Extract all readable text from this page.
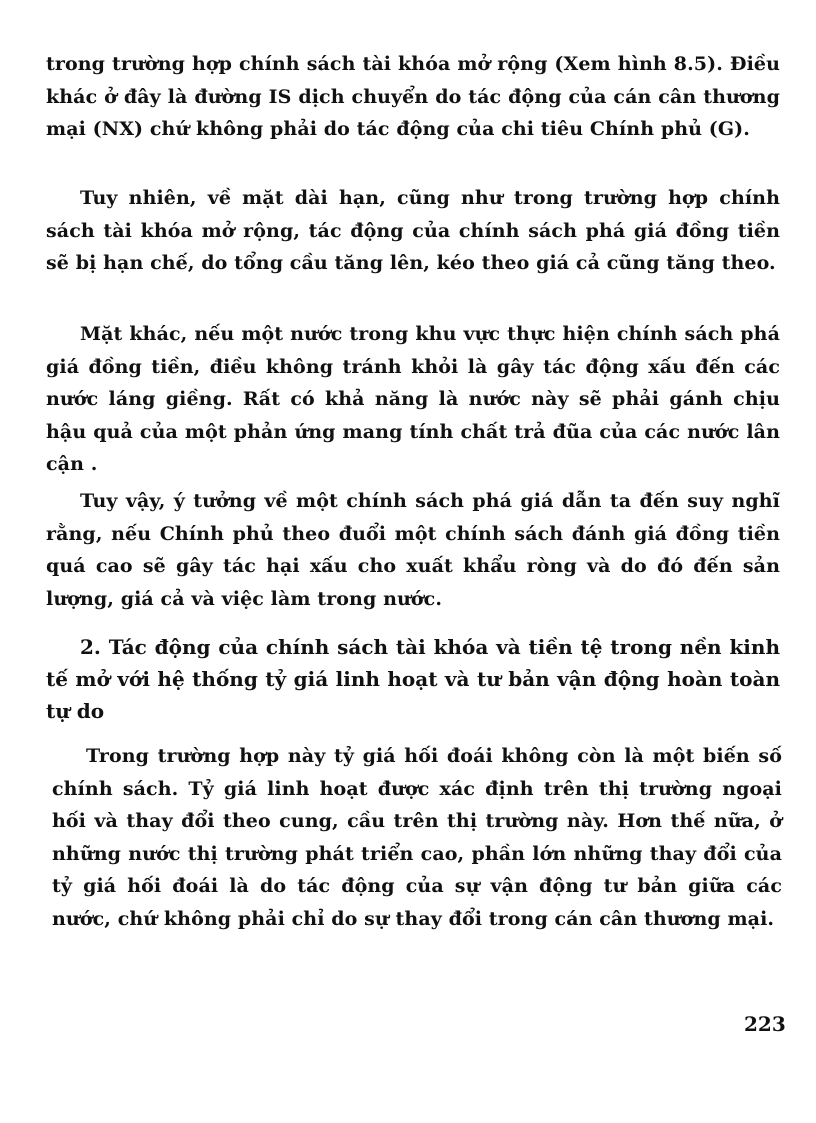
trong trường hợp chính sách tài khóa mở rộng (Xem hình 8.5). Điều khác ở đây là đường IS dịch chuyển do tác động của cán cân thương mại (NX) chứ không phải do tác động của chi tiêu Chính phủ (G).

Tuy nhiên, về mặt dài hạn, cũng như trong trường hợp chính sách tài khóa mở rộng, tác động của chính sách phá giá đồng tiền sẽ bị hạn chế, do tổng cầu tăng lên, kéo theo giá cả cũng tăng theo.

Mặt khác, nếu một nước trong khu vực thực hiện chính sách phá giá đồng tiền, điều không tránh khỏi là gây tác động xấu đến các nước láng giềng. Rất có khả năng là nước này sẽ phải gánh chịu hậu quả của một phản ứng mang tính chất trả đũa của các nước lân cận .

Tuy vậy, ý tưởng về một chính sách phá giá dẫn ta đến suy nghĩ rằng, nếu Chính phủ theo đuổi một chính sách đánh giá đồng tiền quá cao sẽ gây tác hại xấu cho xuất khẩu ròng và do đó đến sản lượng, giá cả và việc làm trong nước.

2. Tác động của chính sách tài khóa và tiền tệ trong nền kinh tế mở với hệ thống tỷ giá linh hoạt và tư bản vận động hoàn toàn tự do

Trong trường hợp này tỷ giá hối đoái không còn là một biến số chính sách. Tỷ giá linh hoạt được xác định trên thị trường ngoại hối và thay đổi theo cung, cầu trên thị trường này. Hơn thế nữa, ở những nước thị trường phát triển cao, phần lớn những thay đổi của tỷ giá hối đoái là do tác động của sự vận động tư bản giữa các nước, chứ không phải chỉ do sự thay đổi trong cán cân thương mại.

223
